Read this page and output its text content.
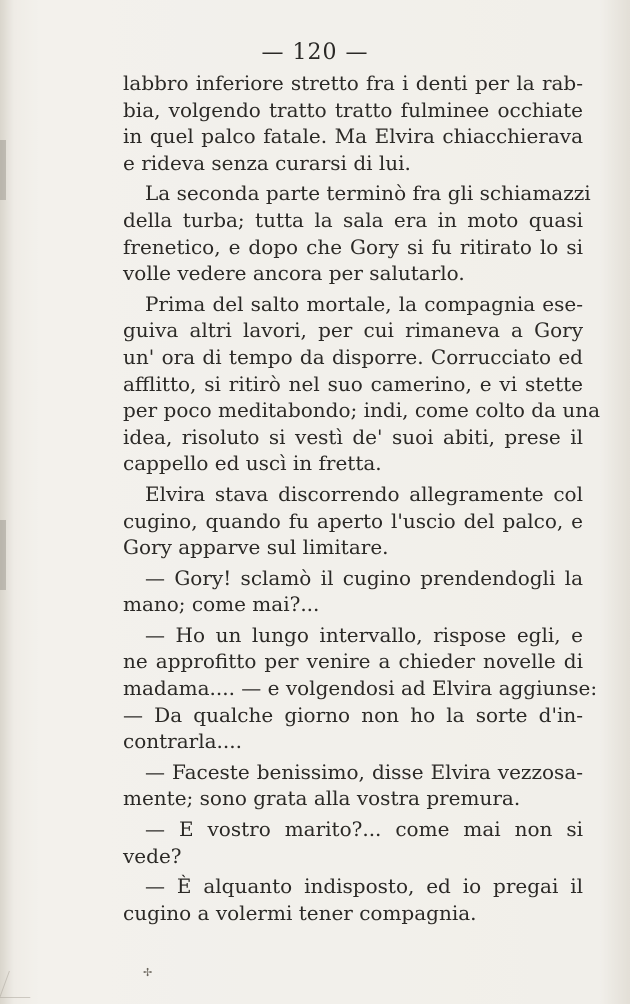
— 120 —
labbro inferiore stretto fra i denti per la rab-
bia, volgendo tratto tratto fulminee occhiate
in quel palco fatale. Ma Elvira chiacchierava
e rideva senza curarsi di lui.
La seconda parte terminò fra gli schiamazzi
della turba; tutta la sala era in moto quasi
frenetico, e dopo che Gory si fu ritirato lo si
volle vedere ancora per salutarlo.
Prima del salto mortale, la compagnia ese-
guiva altri lavori, per cui rimaneva a Gory
un' ora di tempo da disporre. Corrucciato ed
afflitto, si ritirò nel suo camerino, e vi stette
per poco meditabondo; indi, come colto da una
idea, risoluto si vestì de' suoi abiti, prese il
cappello ed uscì in fretta.
Elvira stava discorrendo allegramente col
cugino, quando fu aperto l'uscio del palco, e
Gory apparve sul limitare.
— Gory! sclamò il cugino prendendogli la
mano; come mai?...
— Ho un lungo intervallo, rispose egli, e
ne approfitto per venire a chieder novelle di
madama.... — e volgendosi ad Elvira aggiunse:
— Da qualche giorno non ho la sorte d'in-
contrarla....
— Faceste benissimo, disse Elvira vezzosa-
mente; sono grata alla vostra premura.
— E vostro marito?... come mai non si
vede?
— È alquanto indisposto, ed io pregai il
cugino a volermi tener compagnia.
✢
